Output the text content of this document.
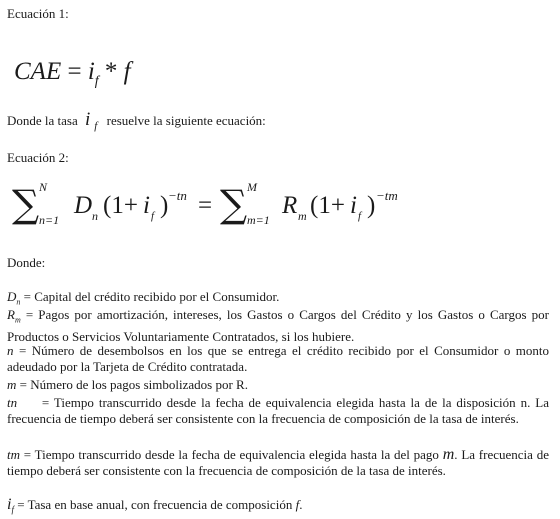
Ecuación 1:
CAE = $i_f$ * f
Donde la tasa i $_f$ resuelve la siguiente ecuación:
Ecuación 2:
∑ N
n=1
D n (1+ i f ) −tn = ∑ M
m=1
R m (1+ i f ) −tm
Donde:
$D_n$ = Capital del crédito recibido por el Consumidor.
$R_m$ = Pagos por amortización, intereses, los Gastos o Cargos del Crédito y los Gastos o Cargos por Productos o Servicios Voluntariamente Contratados, si los hubiere.
n = Número de desembolsos en los que se entrega el crédito recibido por el Consumidor o monto adeudado por la Tarjeta de Crédito contratada.
m = Número de los pagos simbolizados por R.
tn     = Tiempo transcurrido desde la fecha de equivalencia elegida hasta la de la disposición n. La frecuencia de tiempo deberá ser consistente con la frecuencia de composición de la tasa de interés.
tm = Tiempo transcurrido desde la fecha de equivalencia elegida hasta la del pago m. La frecuencia de tiempo deberá ser consistente con la frecuencia de composición de la tasa de interés.
$i_f$ = Tasa en base anual, con frecuencia de composición f.
